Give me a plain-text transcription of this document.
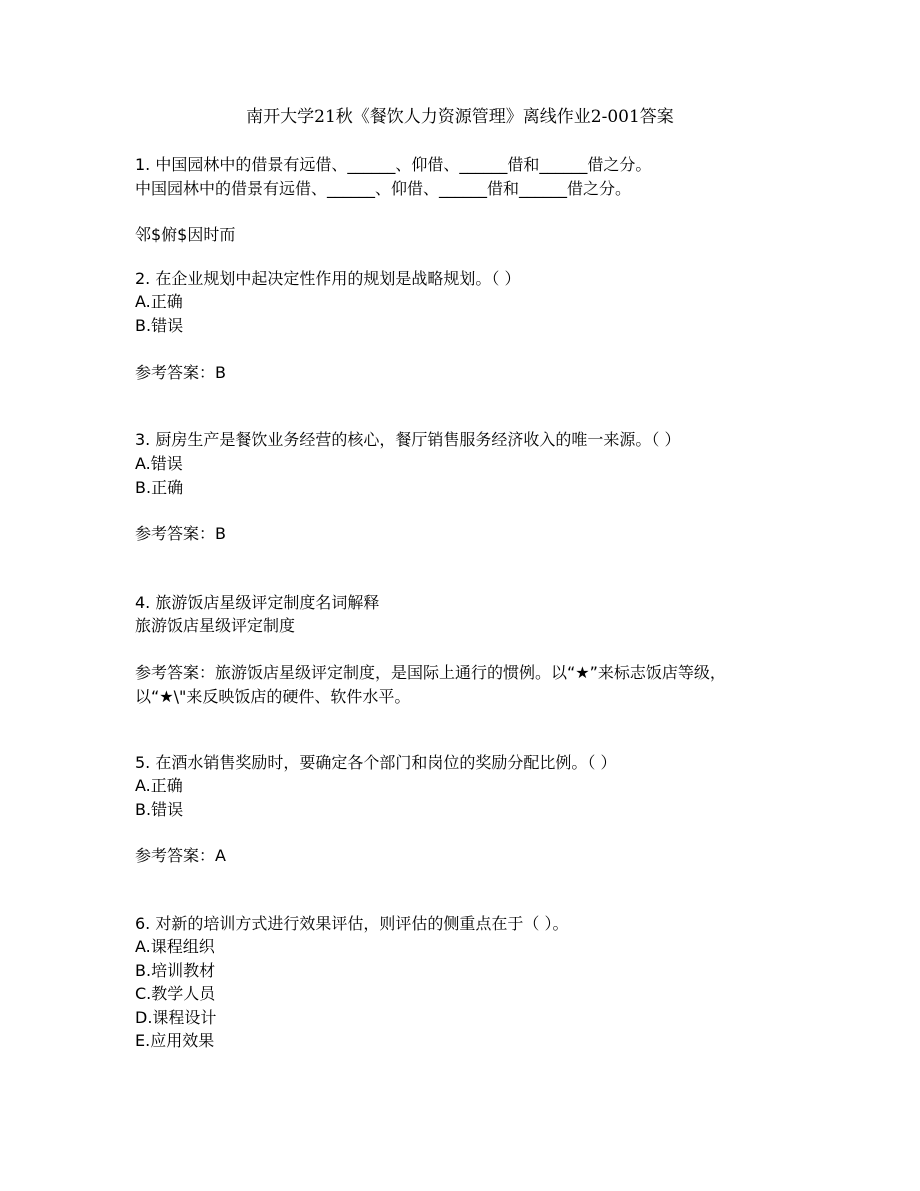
南开大学21秋《餐饮人力资源管理》离线作业2-001答案
1. 中国园林中的借景有远借、______、仰借、______借和______借之分。
中国园林中的借景有远借、______、仰借、______借和______借之分。
邻$俯$因时而
2. 在企业规划中起决定性作用的规划是战略规划。（ ）
A.正确
B.错误
参考答案：B
3. 厨房生产是餐饮业务经营的核心，餐厅销售服务经济收入的唯一来源。（ ）
A.错误
B.正确
参考答案：B
4. 旅游饭店星级评定制度名词解释
旅游饭店星级评定制度
参考答案：旅游饭店星级评定制度，是国际上通行的惯例。以“★”来标志饭店等级，以“★\"来反映饭店的硬件、软件水平。
5. 在酒水销售奖励时，要确定各个部门和岗位的奖励分配比例。（ ）
A.正确
B.错误
参考答案：A
6. 对新的培训方式进行效果评估，则评估的侧重点在于（ ）。
A.课程组织
B.培训教材
C.教学人员
D.课程设计
E.应用效果
